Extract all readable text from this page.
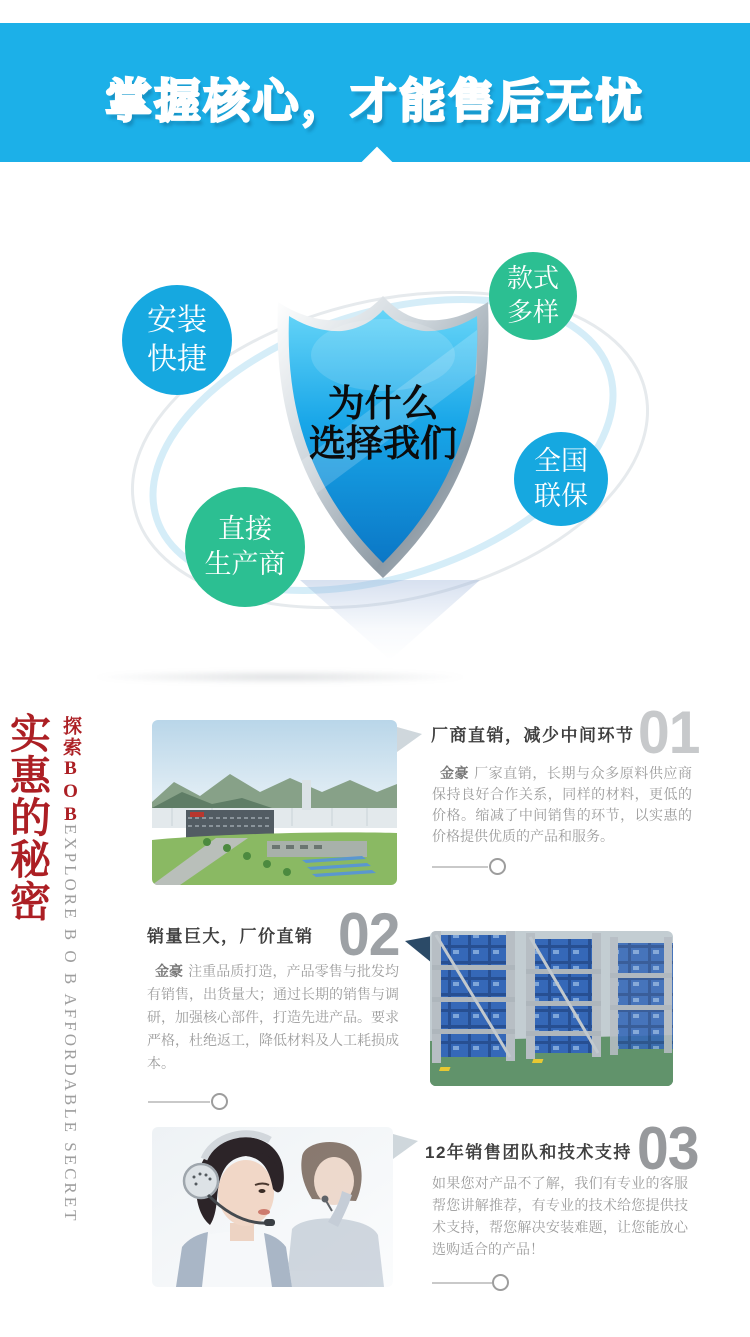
掌握核心，才能售后无忧
为什么
选择我们
安装
快捷
款式
多样
全国
联保
直接
生产商
实惠的秘密 探索BOB
EXPLORE B O B AFFORDABLE SECRET
厂商直销，减少中间环节 01

金豪 厂家直销，长期与众多原料供应商保持良好合作关系，同样的材料，更低的价格。缩减了中间销售的环节，以实惠的价格提供优质的产品和服务。

销量巨大，厂价直销 02

金豪 注重品质打造，产品零售与批发均有销售，出货量大；通过长期的销售与调研，加强核心部件，打造先进产品。要求严格，杜绝返工，降低材料及人工耗损成本。

12年销售团队和技术支持 03

如果您对产品不了解，我们有专业的客服帮您讲解推荐，有专业的技术给您提供技术支持，帮您解决安装难题，让您能放心选购适合的产品！
